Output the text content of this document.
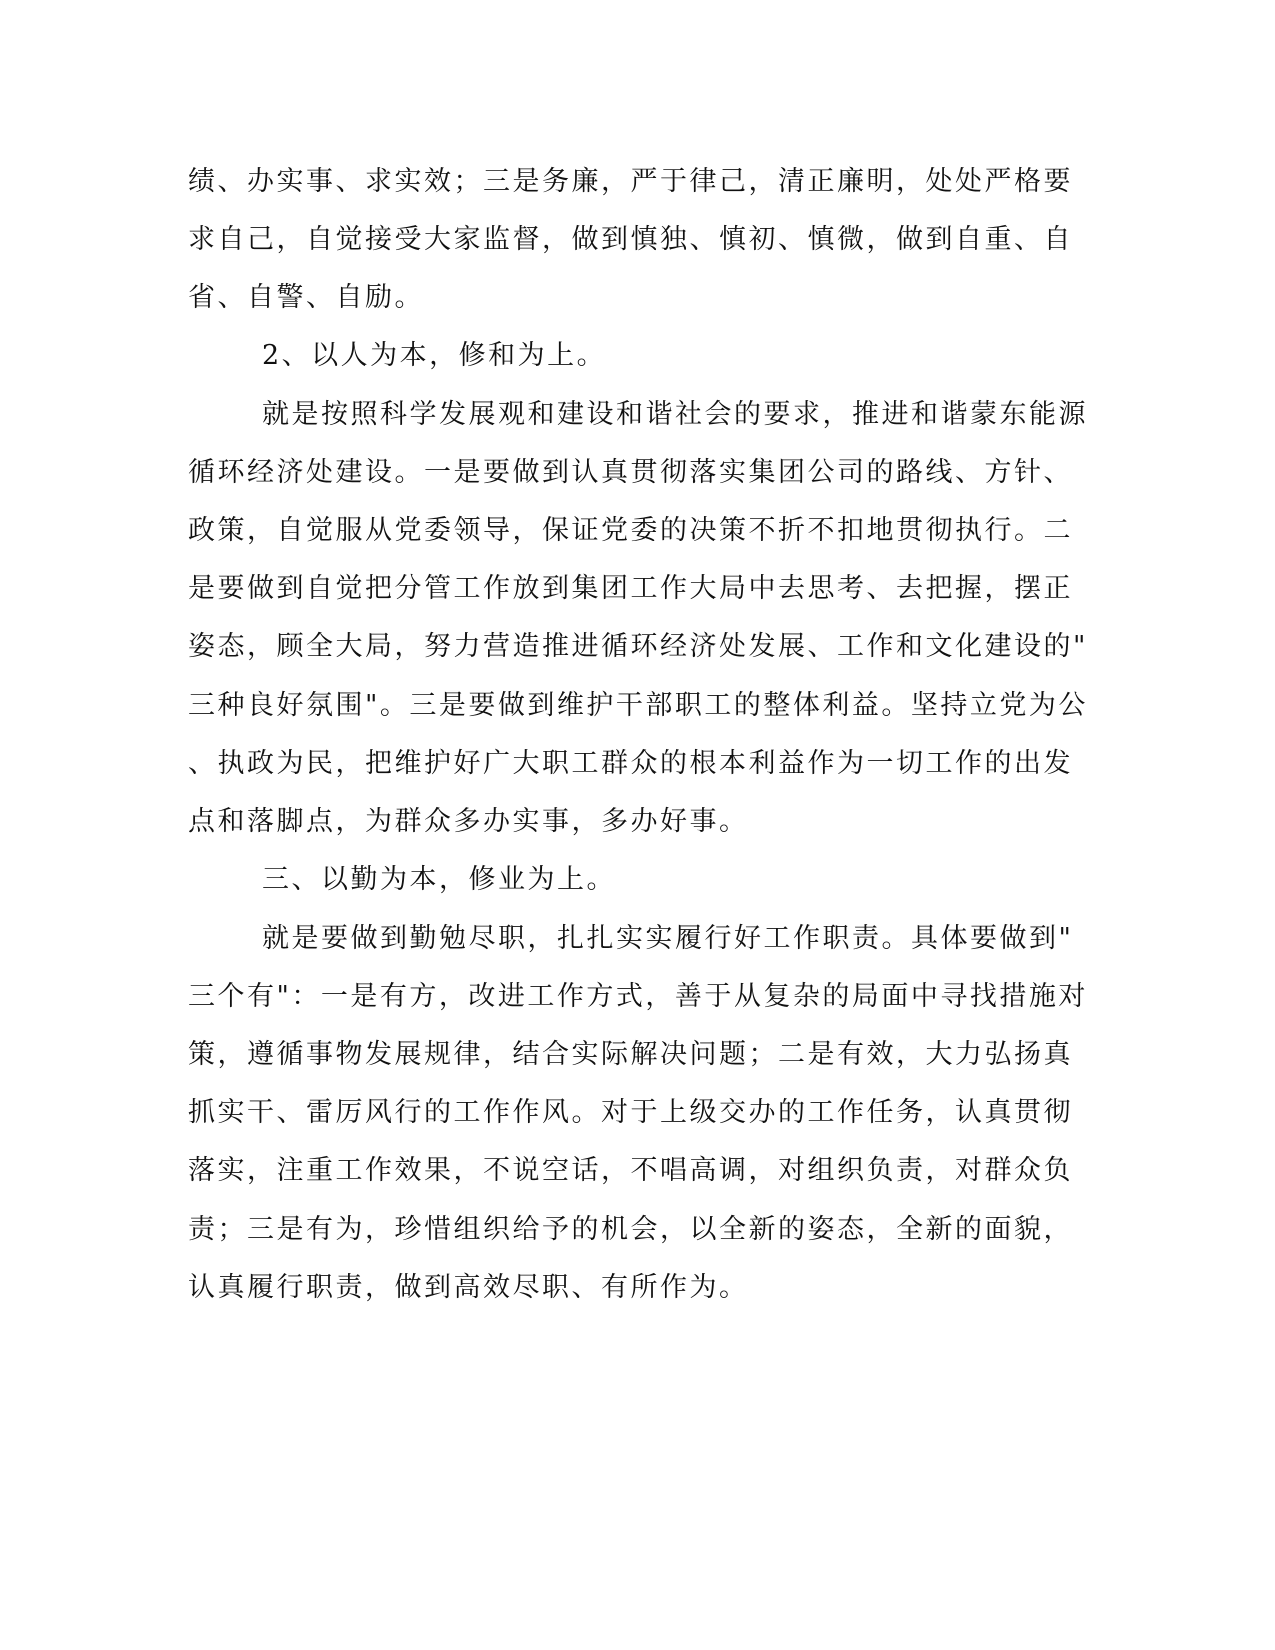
绩、办实事、求实效；三是务廉，严于律己，清正廉明，处处严格要

求自己，自觉接受大家监督，做到慎独、慎初、慎微，做到自重、自

省、自警、自励。

2、以人为本，修和为上。

就是按照科学发展观和建设和谐社会的要求，推进和谐蒙东能源

循环经济处建设。一是要做到认真贯彻落实集团公司的路线、方针、

政策，自觉服从党委领导，保证党委的决策不折不扣地贯彻执行。二

是要做到自觉把分管工作放到集团工作大局中去思考、去把握，摆正

姿态，顾全大局，努力营造推进循环经济处发展、工作和文化建设的"

三种良好氛围"。三是要做到维护干部职工的整体利益。坚持立党为公

、执政为民，把维护好广大职工群众的根本利益作为一切工作的出发

点和落脚点，为群众多办实事，多办好事。

三、以勤为本，修业为上。

就是要做到勤勉尽职，扎扎实实履行好工作职责。具体要做到"

三个有"：一是有方，改进工作方式，善于从复杂的局面中寻找措施对

策，遵循事物发展规律，结合实际解决问题；二是有效，大力弘扬真

抓实干、雷厉风行的工作作风。对于上级交办的工作任务，认真贯彻

落实，注重工作效果，不说空话，不唱高调，对组织负责，对群众负

责；三是有为，珍惜组织给予的机会，以全新的姿态，全新的面貌，

认真履行职责，做到高效尽职、有所作为。
